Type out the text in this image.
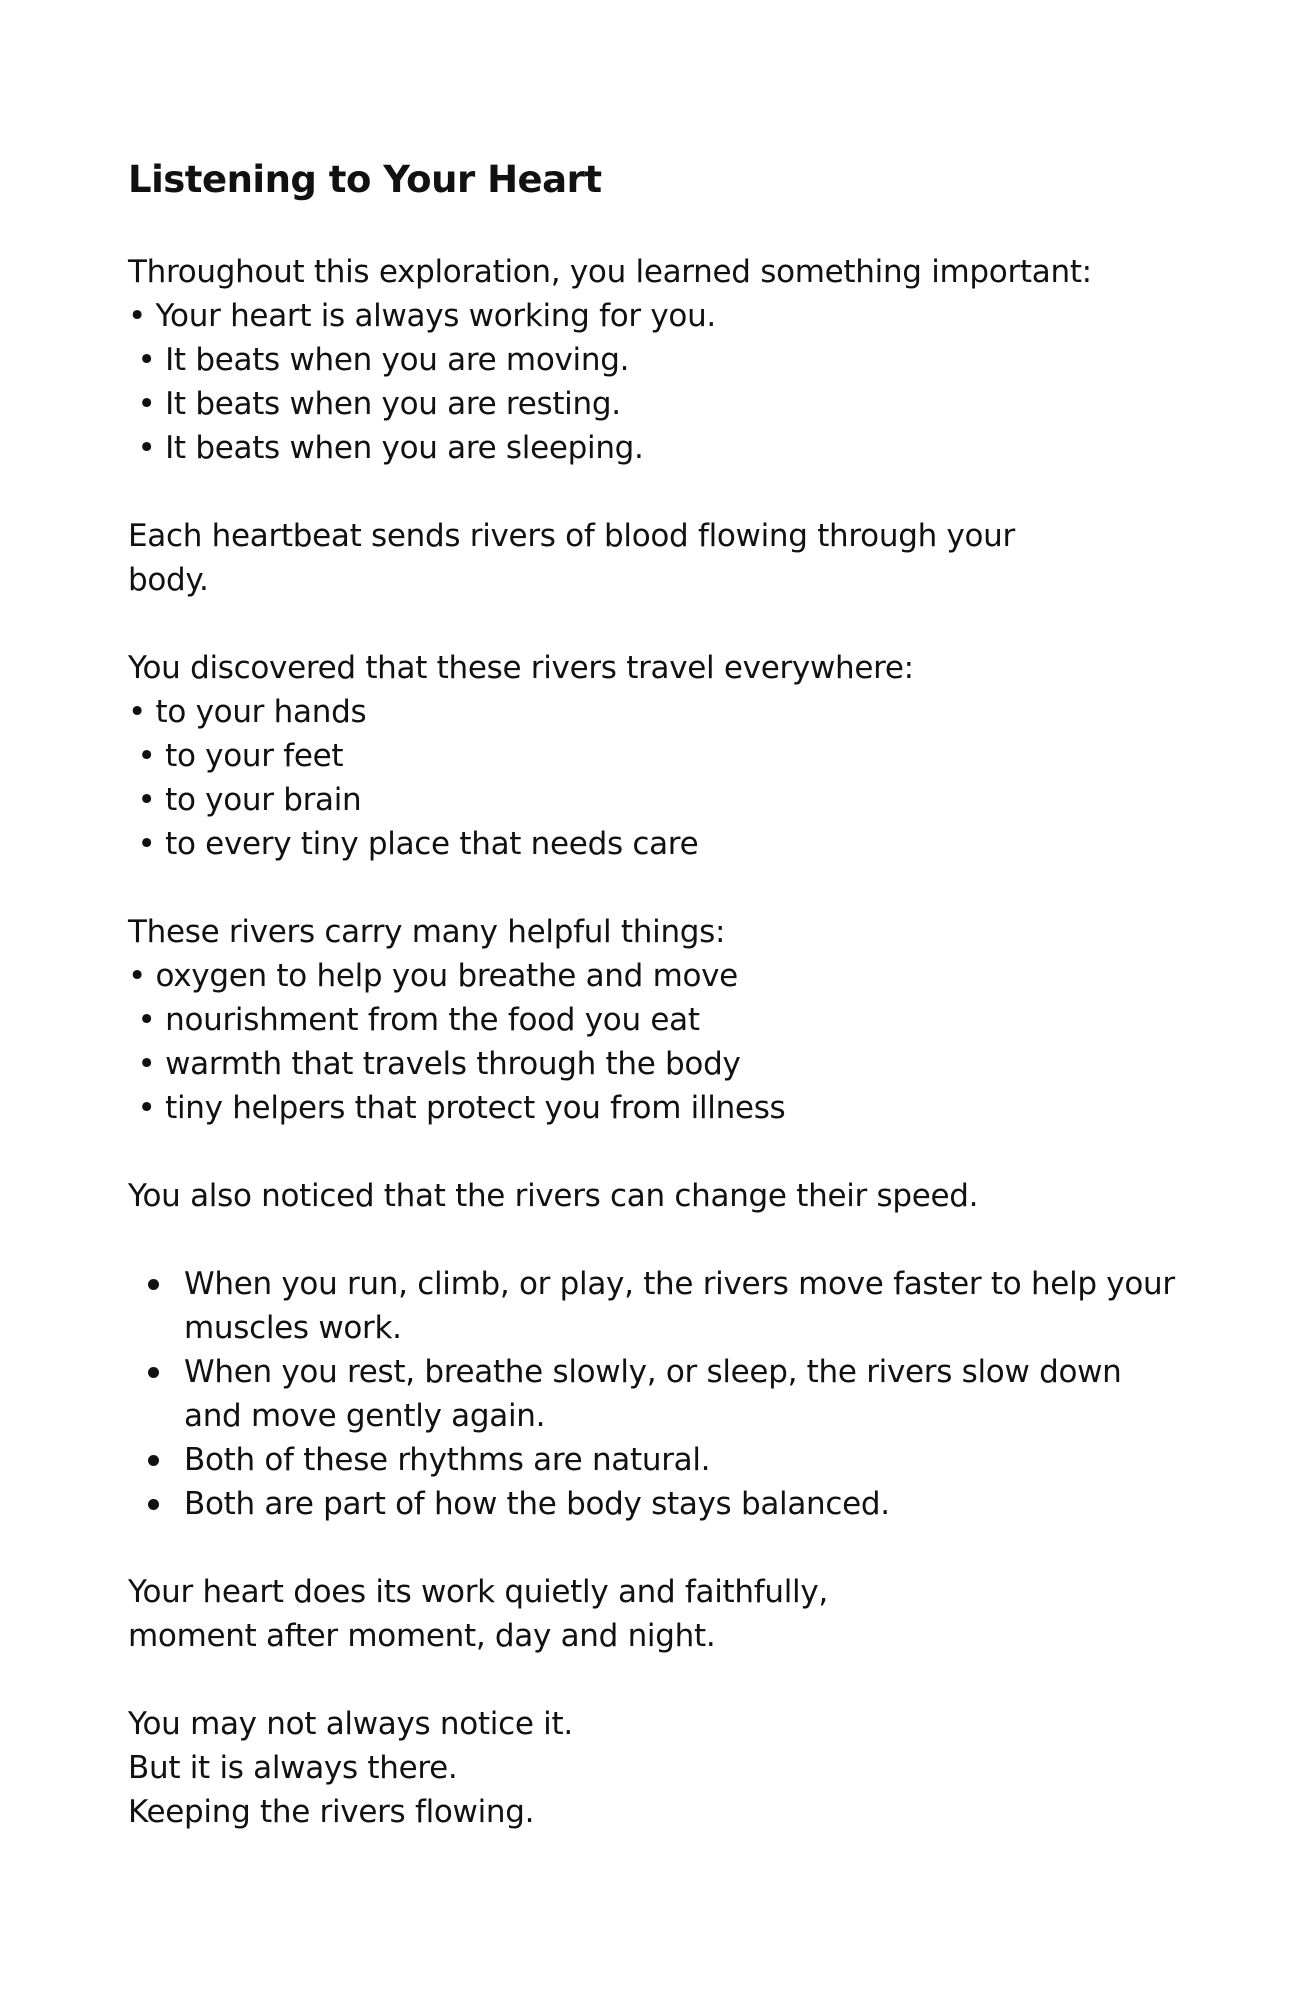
Listening to Your Heart
Throughout this exploration, you learned something important:
• Your heart is always working for you.
• It beats when you are moving.
• It beats when you are resting.
• It beats when you are sleeping.
Each heartbeat sends rivers of blood flowing through your
body.
You discovered that these rivers travel everywhere:
• to your hands
• to your feet
• to your brain
• to every tiny place that needs care
These rivers carry many helpful things:
• oxygen to help you breathe and move
• nourishment from the food you eat
• warmth that travels through the body
• tiny helpers that protect you from illness
You also noticed that the rivers can change their speed.
When you run, climb, or play, the rivers move faster to help your muscles work.
When you rest, breathe slowly, or sleep, the rivers slow down and move gently again.
Both of these rhythms are natural.
Both are part of how the body stays balanced.
Your heart does its work quietly and faithfully,
moment after moment, day and night.
You may not always notice it.
But it is always there.
Keeping the rivers flowing.
